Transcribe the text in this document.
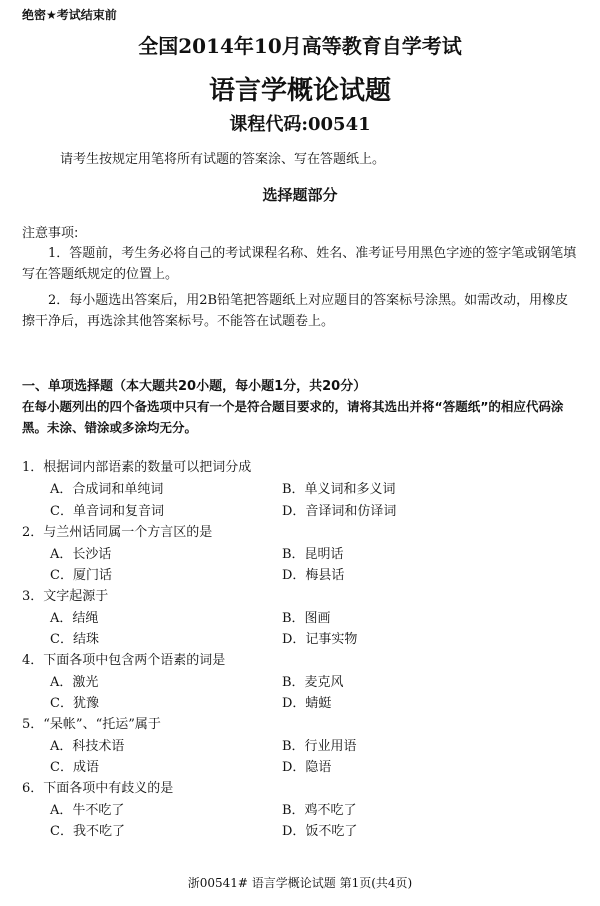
绝密★考试结束前
全国2014年10月高等教育自学考试
语言学概论试题
课程代码:00541
请考生按规定用笔将所有试题的答案涂、写在答题纸上。
选择题部分
注意事项:
1．答题前，考生务必将自己的考试课程名称、姓名、准考证号用黑色字迹的签字笔或钢笔填写在答题纸规定的位置上。
2．每小题选出答案后，用2B铅笔把答题纸上对应题目的答案标号涂黑。如需改动，用橡皮擦干净后，再选涂其他答案标号。不能答在试题卷上。
一、单项选择题（本大题共20小题，每小题1分，共20分）
在每小题列出的四个备选项中只有一个是符合题目要求的，请将其选出并将“答题纸”的相应代码涂黑。未涂、错涂或多涂均无分。
1．根据词内部语素的数量可以把词分成
A．合成词和单纯词	B．单义词和多义词
C．单音词和复音词	D．音译词和仿译词
2．与兰州话同属一个方言区的是
A．长沙话	B．昆明话
C．厦门话	D．梅县话
3．文字起源于
A．结绳	B．图画
C．结珠	D．记事实物
4．下面各项中包含两个语素的词是
A．激光	B．麦克风
C．犹豫	D．蜻蜓
5．“呆帐”、“托运”属于
A．科技术语	B．行业用语
C．成语	D．隐语
6．下面各项中有歧义的是
A．牛不吃了	B．鸡不吃了
C．我不吃了	D．饭不吃了
浙00541# 语言学概论试题 第1页(共4页)
